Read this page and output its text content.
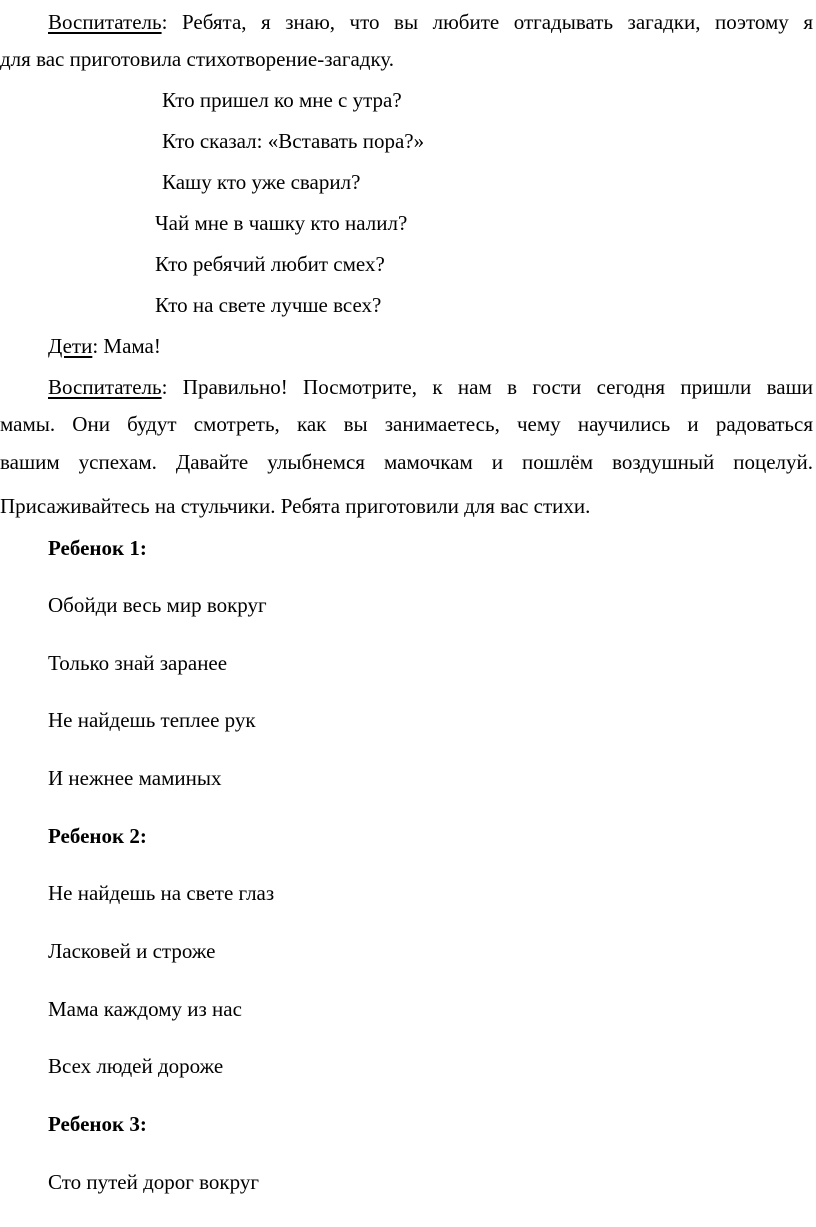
Воспитатель: Ребята, я знаю, что вы любите отгадывать загадки, поэтому я
для вас приготовила стихотворение-загадку.
Кто пришел ко мне с утра?
Кто сказал: «Вставать пора?»
Кашу кто уже сварил?
Чай мне в чашку кто налил?
Кто ребячий любит смех?
Кто на свете лучше всех?
Дети: Мама!
Воспитатель: Правильно! Посмотрите, к нам в гости сегодня пришли ваши
мамы. Они будут смотреть, как вы занимаетесь, чему научились и радоваться
вашим успехам. Давайте улыбнемся мамочкам и пошлём воздушный поцелуй.
Присаживайтесь на стульчики. Ребята приготовили для вас стихи.
Ребенок 1:
Обойди весь мир вокруг
Только знай заранее
Не найдешь теплее рук
И нежнее маминых
Ребенок 2:
Не найдешь на свете глаз
Ласковей и строже
Мама каждому из нас
Всех людей дороже
Ребенок 3:
Сто путей дорог вокруг
